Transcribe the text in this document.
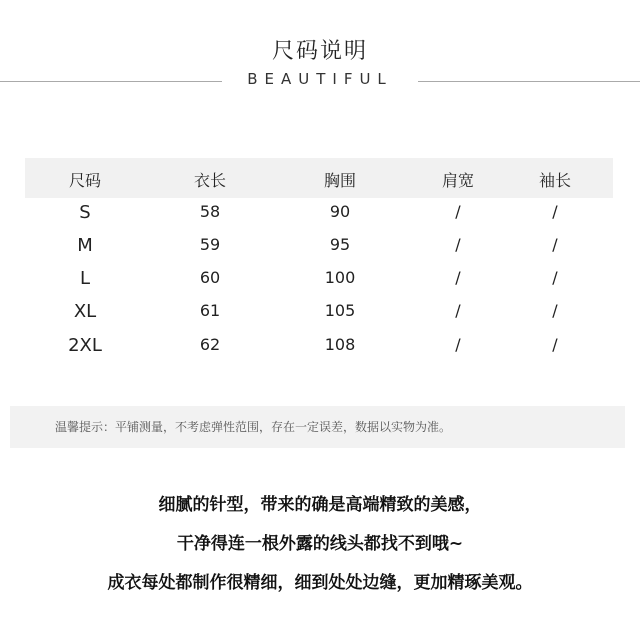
尺码说明
BEAUTIFUL
尺码	衣长	胸围	肩宽	袖长
S	58	90	/	/
M	59	95	/	/
L	60	100	/	/
XL	61	105	/	/
2XL	62	108	/	/
温馨提示：平铺测量，不考虑弹性范围，存在一定误差，数据以实物为准。
细腻的针型，带来的确是高端精致的美感，
干净得连一根外露的线头都找不到哦~
成衣每处都制作很精细，细到处处边缝，更加精琢美观。
